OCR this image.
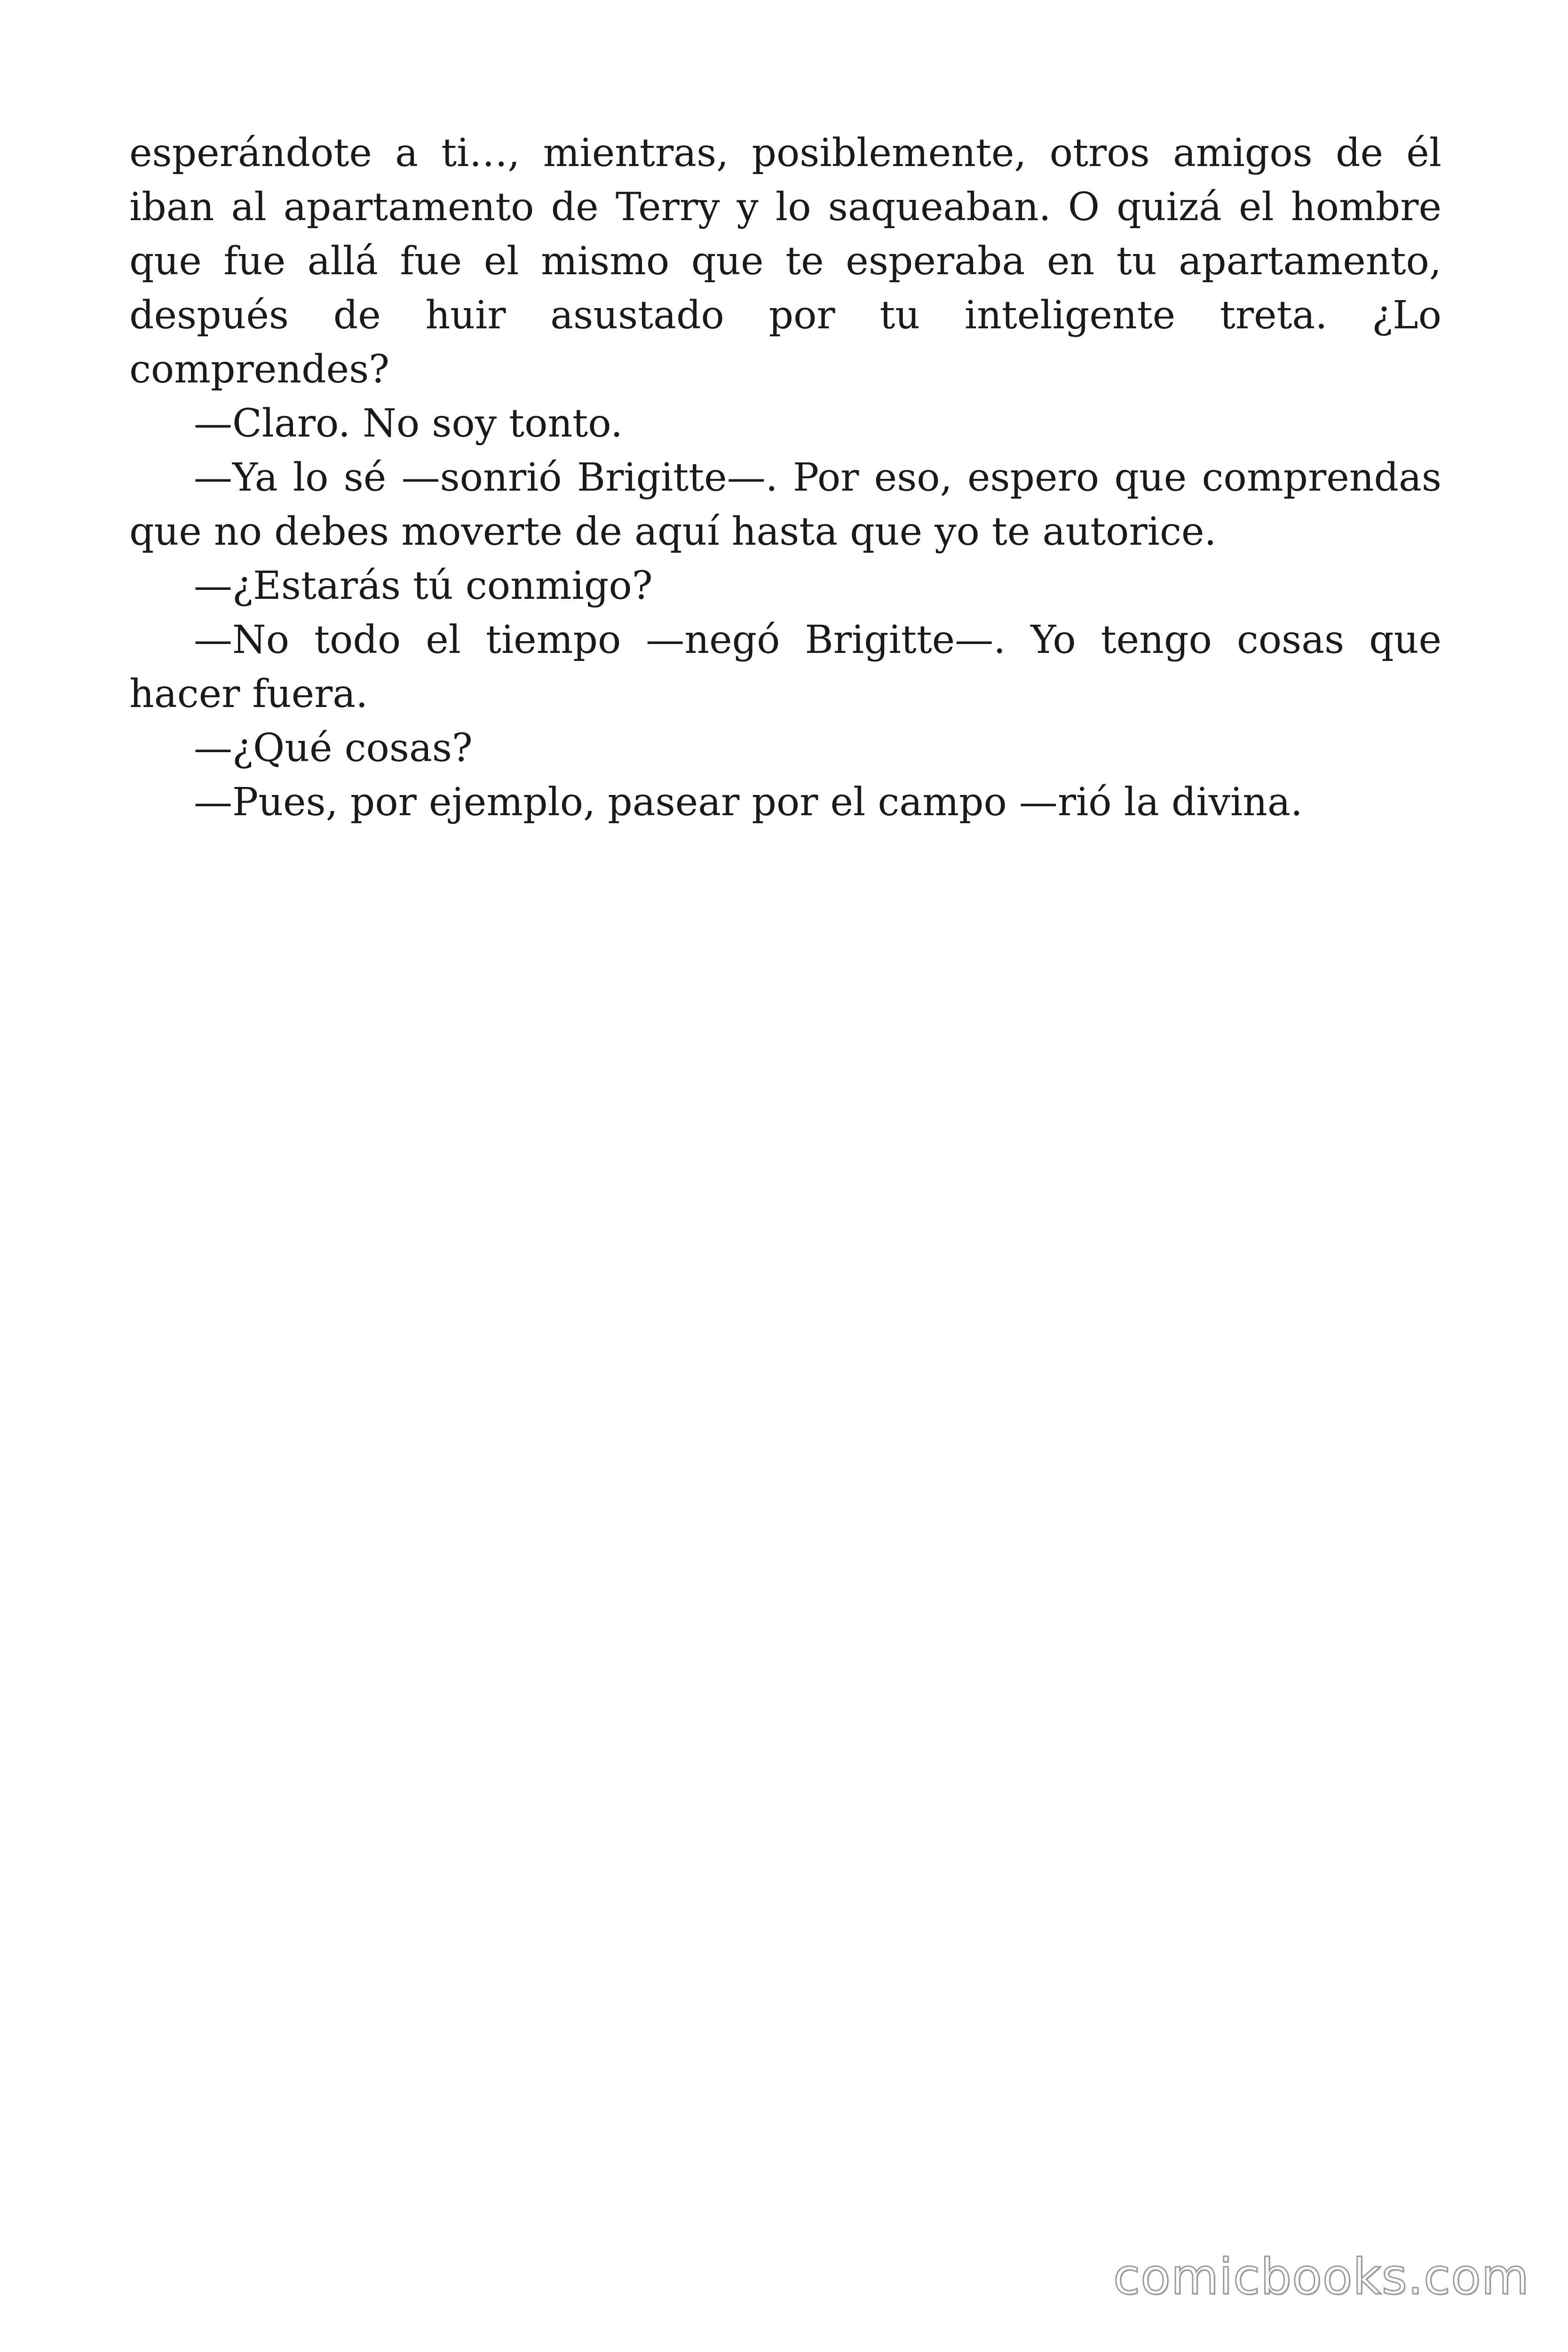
esperándote a ti…, mientras, posiblemente, otros amigos de él iban al apartamento de Terry y lo saqueaban. O quizá el hombre que fue allá fue el mismo que te esperaba en tu apartamento, después de huir asustado por tu inteligente treta. ¿Lo comprendes?

—Claro. No soy tonto.

—Ya lo sé —sonrió Brigitte—. Por eso, espero que comprendas que no debes moverte de aquí hasta que yo te autorice.

—¿Estarás tú conmigo?

—No todo el tiempo —negó Brigitte—. Yo tengo cosas que hacer fuera.

—¿Qué cosas?

—Pues, por ejemplo, pasear por el campo —rió la divina.

comicbooks.com
